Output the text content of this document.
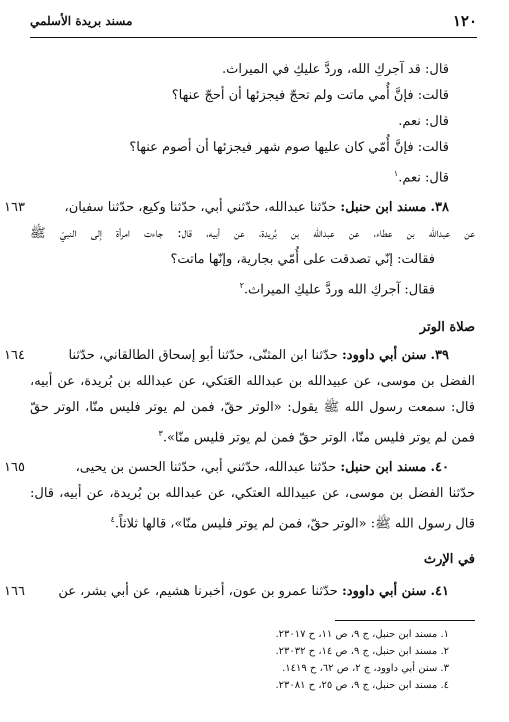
١٢٠
مسند بريدة الأسلمي
قال: قد آجركِ الله، وردَّ عليكِ في الميراث.
قالت: فإنَّ أُمي ماتت ولم تحجّ فيجزئها أن أحجّ عنها؟
قال: نعم.
قالت: فإنَّ أُمّي كان عليها صوم شهر فيجزئها أن أصوم عنها؟
قال: نعم.$^١$
١٦٣	٣٨. مسند ابن حنبل: حدّثنا عبدالله، حدّثني أبي، حدّثنا وكيع، حدّثنا سفيان،
عن عبدالله بن عطاء، عن عبدالله بن بُريدة، عن أبيه، قال: جاءت امرأة إلى النبيّ ﷺ
فقالت: إنّي تصدقت على أُمّي بجارية، وإنّها ماتت؟
فقال: آجركِ الله وردَّ عليكِ الميراث.$^٢$
صلاة الوتر
١٦٤	٣٩. سنن أبي داوود: حدّثنا ابن المثنّى، حدّثنا أبو إسحاق الطالقاني، حدّثنا
الفضل بن موسى، عن عبيدالله بن عبدالله العَتكي، عن عبدالله بن بُريدة، عن أبيه،
قال: سمعت رسول الله ﷺ يقول: «الوتر حقّ، فمن لم يوتر فليس منّا، الوتر حقّ
فمن لم يوتر فليس منّا، الوتر حقّ فمن لم يوتر فليس منّا».$^٣$
١٦٥	٤٠. مسند ابن حنبل: حدّثنا عبدالله، حدّثني أبي، حدّثنا الحسن بن يحيى،
حدّثنا الفضل بن موسى، عن عبيدالله العتكي، عن عبدالله بن بُريدة، عن أبيه، قال:
قال رسول الله ﷺ: «الوتر حقّ، فمن لم يوتر فليس منّا»، قالها ثلاثاً.$^٤$
في الإرث
١٦٦	٤١. سنن أبي داوود: حدّثنا عمرو بن عون، أخبرنا هشيم، عن أبي بشر، عن
١. مسند ابن حنبل، ج ٩، ص ١١، ح ٢٣٠١٧.
٢. مسند ابن حنبل، ج ٩، ص ١٤، ح ٢٣٠٣٢.
٣. سنن أبي داوود، ج ٢، ص ٦٢، ح ١٤١٩.
٤. مسند ابن حنبل، ج ٩، ص ٢٥، ح ٢٣٠٨١.
